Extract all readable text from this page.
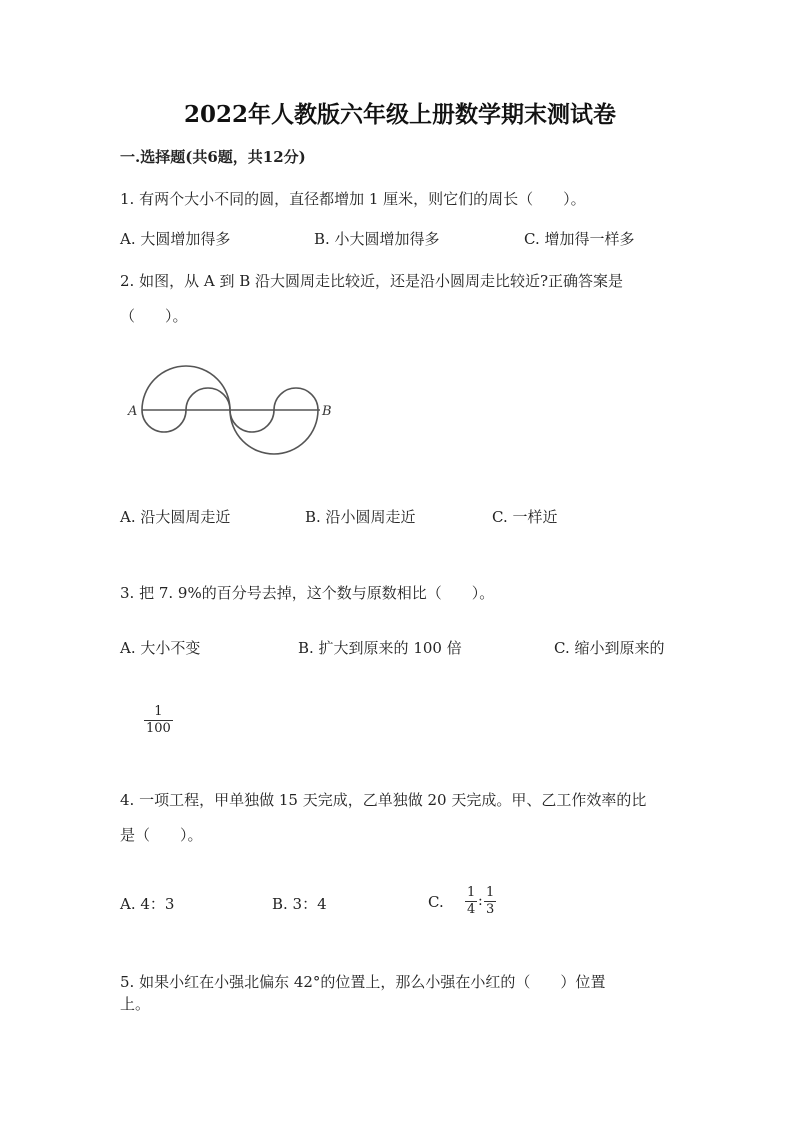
2022年人教版六年级上册数学期末测试卷
一.选择题(共6题，共12分)
1. 有两个大小不同的圆，直径都增加 1 厘米，则它们的周长（　　）。
A. 大圆增加得多	B. 小大圆增加得多	C. 增加得一样多
2. 如图，从 A 到 B 沿大圆周走比较近，还是沿小圆周走比较近?正确答案是
（　　）。
A	B
A. 沿大圆周走近	B. 沿小圆周走近	C. 一样近
3. 把 7. 9%的百分号去掉，这个数与原数相比（　　）。
A. 大小不变	B. 扩大到原来的 100 倍	C. 缩小到原来的
1
100
4. 一项工程，甲单独做 15 天完成，乙单独做 20 天完成。甲、乙工作效率的比
是（　　）。
A. 4：3	B. 3：4	C.
1
4
:
1
3
5. 如果小红在小强北偏东 42°的位置上，那么小强在小红的（　　）位置
上。
